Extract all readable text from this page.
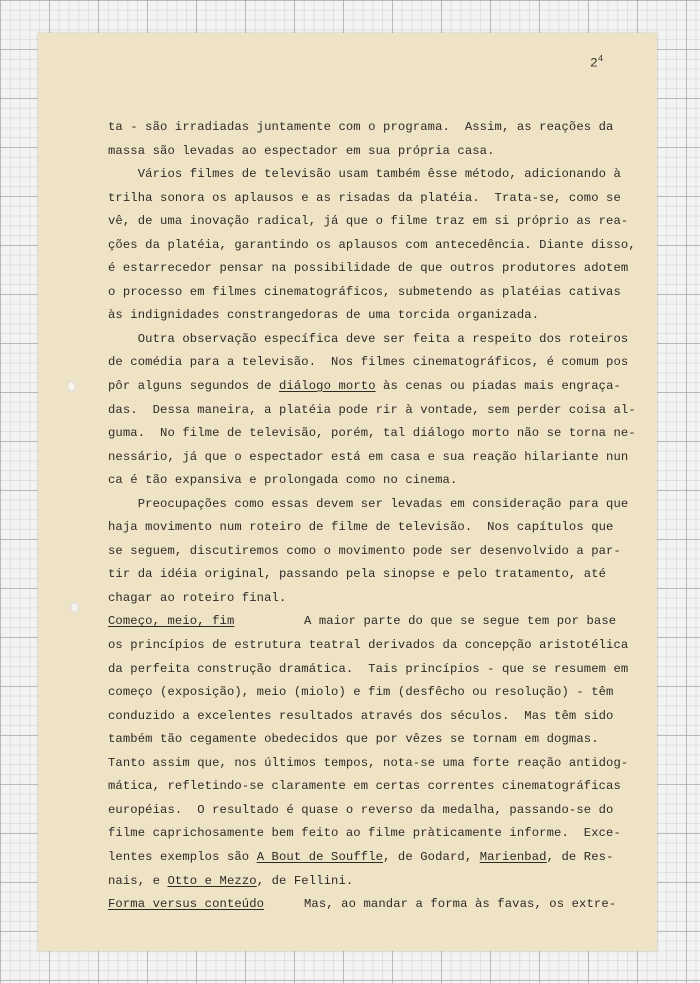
$2^4$
ta - são irradiadas juntamente com o programa.  Assim, as reações da
massa são levadas ao espectador em sua própria casa.
Vários filmes de televisão usam também êsse método, adicionando à
trilha sonora os aplausos e as risadas da platéia.  Trata-se, como se
vê, de uma inovação radical, já que o filme traz em si próprio as rea-
ções da platéia, garantindo os aplausos com antecedência. Diante disso,
é estarrecedor pensar na possibilidade de que outros produtores adotem
o processo em filmes cinematográficos, submetendo as platéias cativas
às indignidades constrangedoras de uma torcida organizada.
Outra observação específica deve ser feita a respeito dos roteiros
de comédia para a televisão.  Nos filmes cinematográficos, é comum pos
pôr alguns segundos de diálogo morto às cenas ou piadas mais engraça-
das.  Dessa maneira, a platéia pode rir à vontade, sem perder coisa al-
guma.  No filme de televisão, porém, tal diálogo morto não se torna ne-
nessário, já que o espectador está em casa e sua reação hilariante nun
ca é tão expansiva e prolongada como no cinema.
Preocupações como essas devem ser levadas em consideração para que
haja movimento num roteiro de filme de televisão.  Nos capítulos que
se seguem, discutiremos como o movimento pode ser desenvolvido a par-
tir da idéia original, passando pela sinopse e pelo tratamento, até
chagar ao roteiro final.
Começo, meio, fim	A maior parte do que se segue tem por base
os princípios de estrutura teatral derivados da concepção aristotélica
da perfeita construção dramática.  Tais princípios - que se resumem em
começo (exposição), meio (miolo) e fim (desfêcho ou resolução) - têm
conduzido a excelentes resultados através dos séculos.  Mas têm sido
também tão cegamente obedecidos que por vêzes se tornam em dogmas.
Tanto assim que, nos últimos tempos, nota-se uma forte reação antidog-
mática, refletindo-se claramente em certas correntes cinematográficas
européias.  O resultado é quase o reverso da medalha, passando-se do
filme caprichosamente bem feito ao filme pràticamente informe.  Exce-
lentes exemplos são A Bout de Souffle, de Godard, Marienbad, de Res-
nais, e Otto e Mezzo, de Fellini.
Forma versus conteúdo	Mas, ao mandar a forma às favas, os extre-
